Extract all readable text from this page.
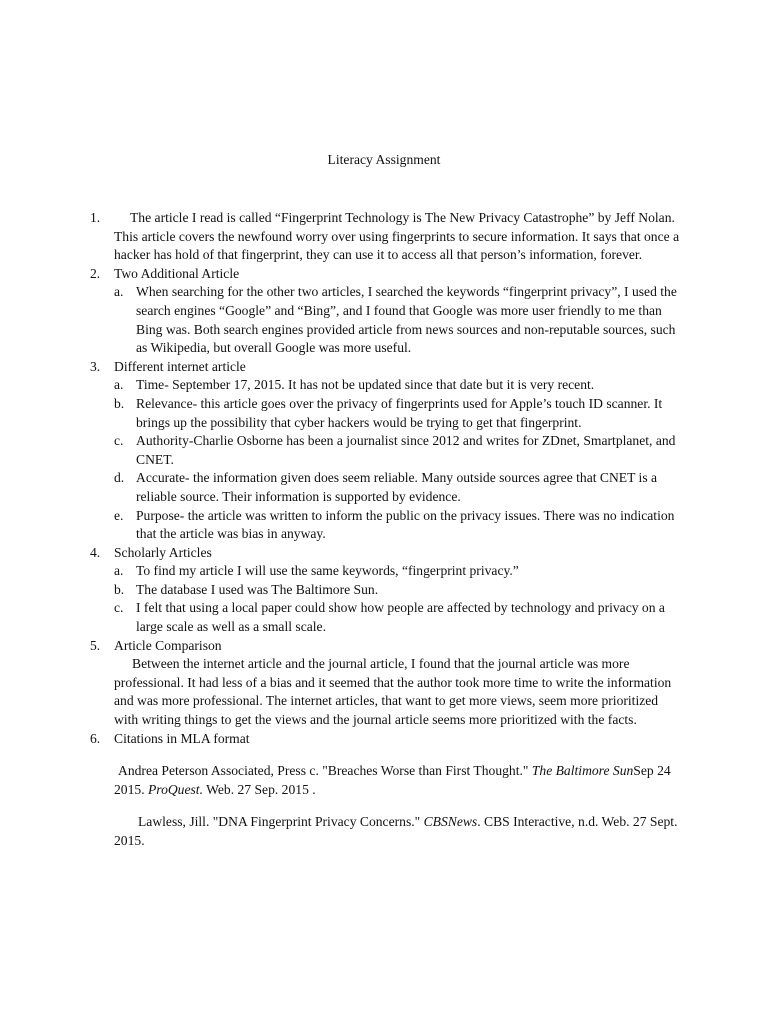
Literacy Assignment
1. The article I read is called “Fingerprint Technology is The New Privacy Catastrophe” by Jeff Nolan. This article covers the newfound worry over using fingerprints to secure information. It says that once a hacker has hold of that fingerprint, they can use it to access all that person’s information, forever.
2. Two Additional Article
a. When searching for the other two articles, I searched the keywords “fingerprint privacy”, I used the search engines “Google” and “Bing”, and I found that Google was more user friendly to me than Bing was. Both search engines provided article from news sources and non-reputable sources, such as Wikipedia, but overall Google was more useful.
3. Different internet article
a. Time- September 17, 2015. It has not be updated since that date but it is very recent.
b. Relevance- this article goes over the privacy of fingerprints used for Apple’s touch ID scanner. It brings up the possibility that cyber hackers would be trying to get that fingerprint.
c. Authority-Charlie Osborne has been a journalist since 2012 and writes for ZDnet, Smartplanet, and CNET.
d. Accurate- the information given does seem reliable. Many outside sources agree that CNET is a reliable source. Their information is supported by evidence.
e. Purpose- the article was written to inform the public on the privacy issues. There was no indication that the article was bias in anyway.
4. Scholarly Articles
a. To find my article I will use the same keywords, “fingerprint privacy.”
b. The database I used was The Baltimore Sun.
c. I felt that using a local paper could show how people are affected by technology and privacy on a large scale as well as a small scale.
5. Article Comparison
Between the internet article and the journal article, I found that the journal article was more professional. It had less of a bias and it seemed that the author took more time to write the information and was more professional. The internet articles, that want to get more views, seem more prioritized with writing things to get the views and the journal article seems more prioritized with the facts.
6. Citations in MLA format
Andrea Peterson Associated, Press c. "Breaches Worse than First Thought." The Baltimore SunSep 24 2015. ProQuest. Web. 27 Sep. 2015 .
Lawless, Jill. "DNA Fingerprint Privacy Concerns." CBSNews. CBS Interactive, n.d. Web. 27 Sept. 2015.
